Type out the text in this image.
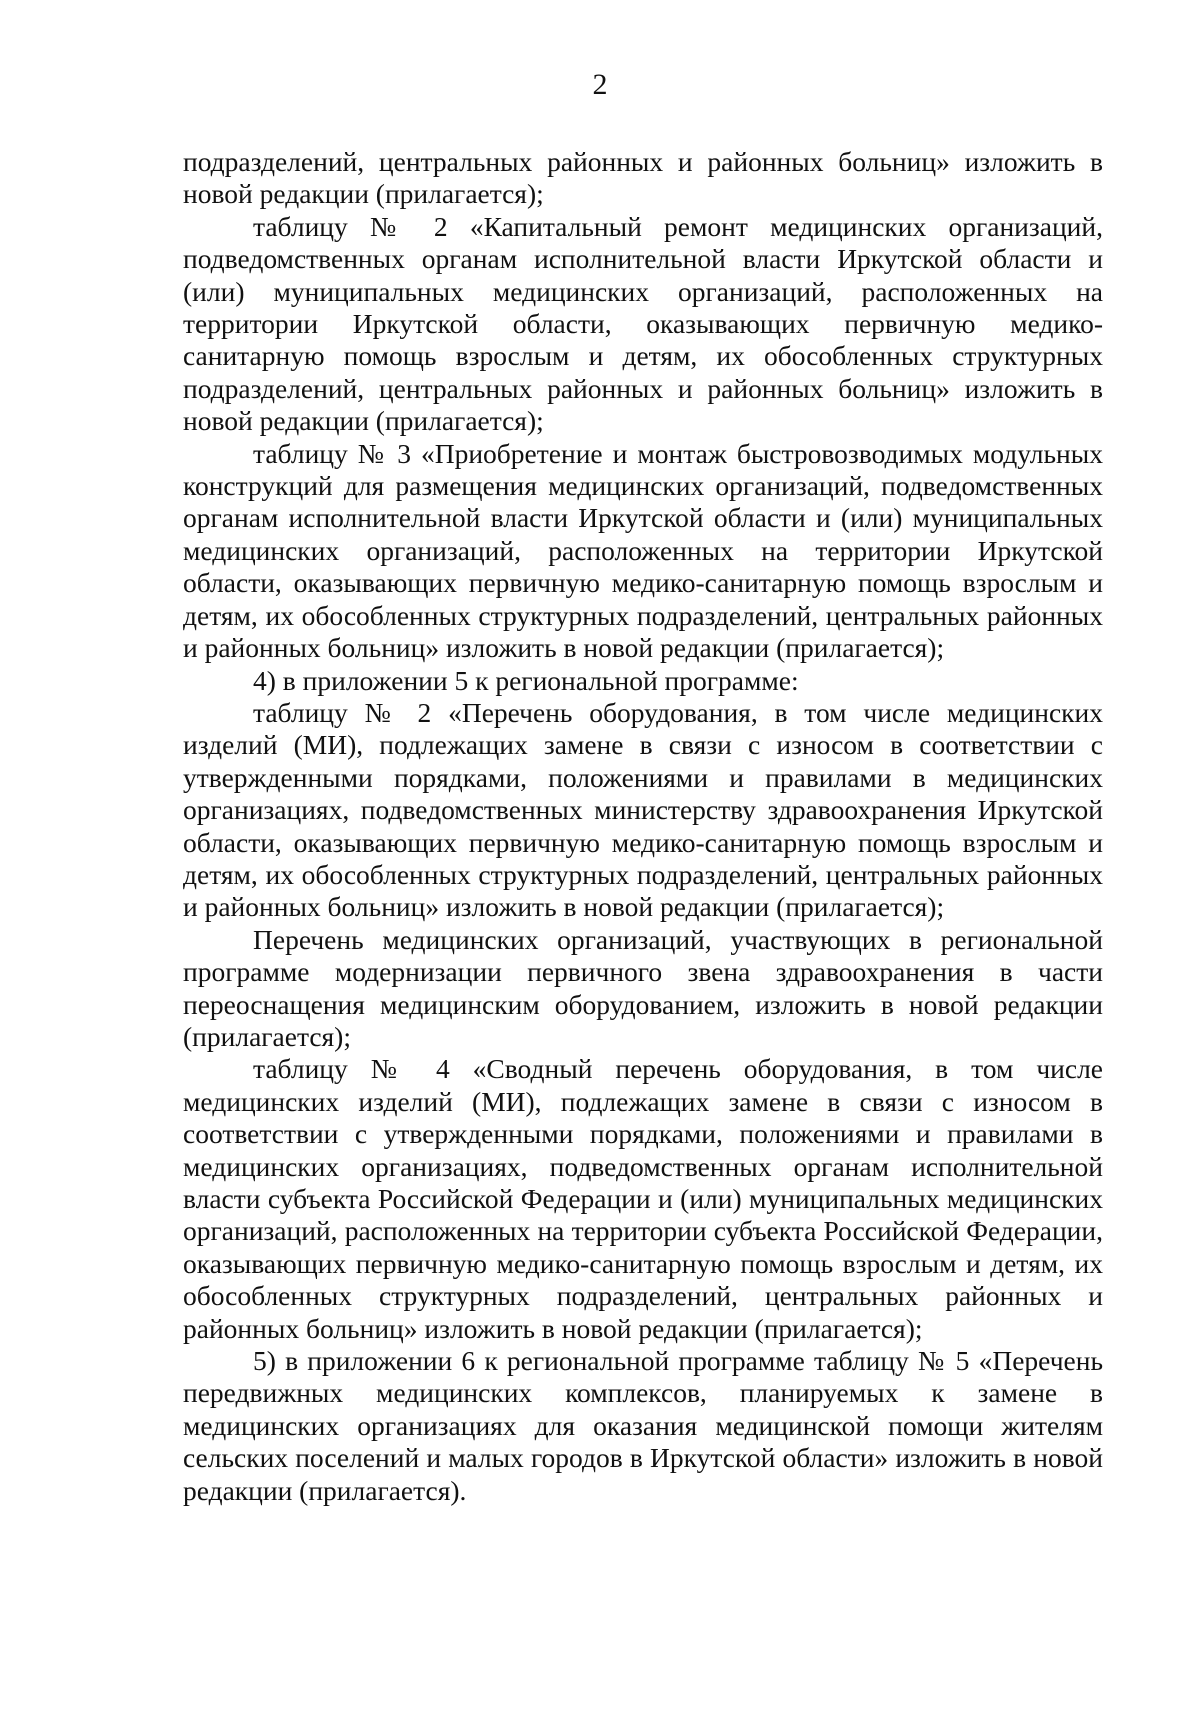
2

подразделений, центральных районных и районных больниц» изложить в новой редакции (прилагается);

таблицу № 2 «Капитальный ремонт медицинских организаций, подведомственных органам исполнительной власти Иркутской области и (или) муниципальных медицинских организаций, расположенных на территории Иркутской области, оказывающих первичную медико-санитарную помощь взрослым и детям, их обособленных структурных подразделений, центральных районных и районных больниц» изложить в новой редакции (прилагается);

таблицу № 3 «Приобретение и монтаж быстровозводимых модульных конструкций для размещения медицинских организаций, подведомственных органам исполнительной власти Иркутской области и (или) муниципальных медицинских организаций, расположенных на территории Иркутской области, оказывающих первичную медико-санитарную помощь взрослым и детям, их обособленных структурных подразделений, центральных районных и районных больниц» изложить в новой редакции (прилагается);

4) в приложении 5 к региональной программе:

таблицу № 2 «Перечень оборудования, в том числе медицинских изделий (МИ), подлежащих замене в связи с износом в соответствии с утвержденными порядками, положениями и правилами в медицинских организациях, подведомственных министерству здравоохранения Иркутской области, оказывающих первичную медико-санитарную помощь взрослым и детям, их обособленных структурных подразделений, центральных районных и районных больниц» изложить в новой редакции (прилагается);

Перечень медицинских организаций, участвующих в региональной программе модернизации первичного звена здравоохранения в части переоснащения медицинским оборудованием, изложить в новой редакции (прилагается);

таблицу № 4 «Сводный перечень оборудования, в том числе медицинских изделий (МИ), подлежащих замене в связи с износом в соответствии с утвержденными порядками, положениями и правилами в медицинских организациях, подведомственных органам исполнительной власти субъекта Российской Федерации и (или) муниципальных медицинских организаций, расположенных на территории субъекта Российской Федерации, оказывающих первичную медико-санитарную помощь взрослым и детям, их обособленных структурных подразделений, центральных районных и районных больниц» изложить в новой редакции (прилагается);

5) в приложении 6 к региональной программе таблицу № 5 «Перечень передвижных медицинских комплексов, планируемых к замене в медицинских организациях для оказания медицинской помощи жителям сельских поселений и малых городов в Иркутской области» изложить в новой редакции (прилагается).
